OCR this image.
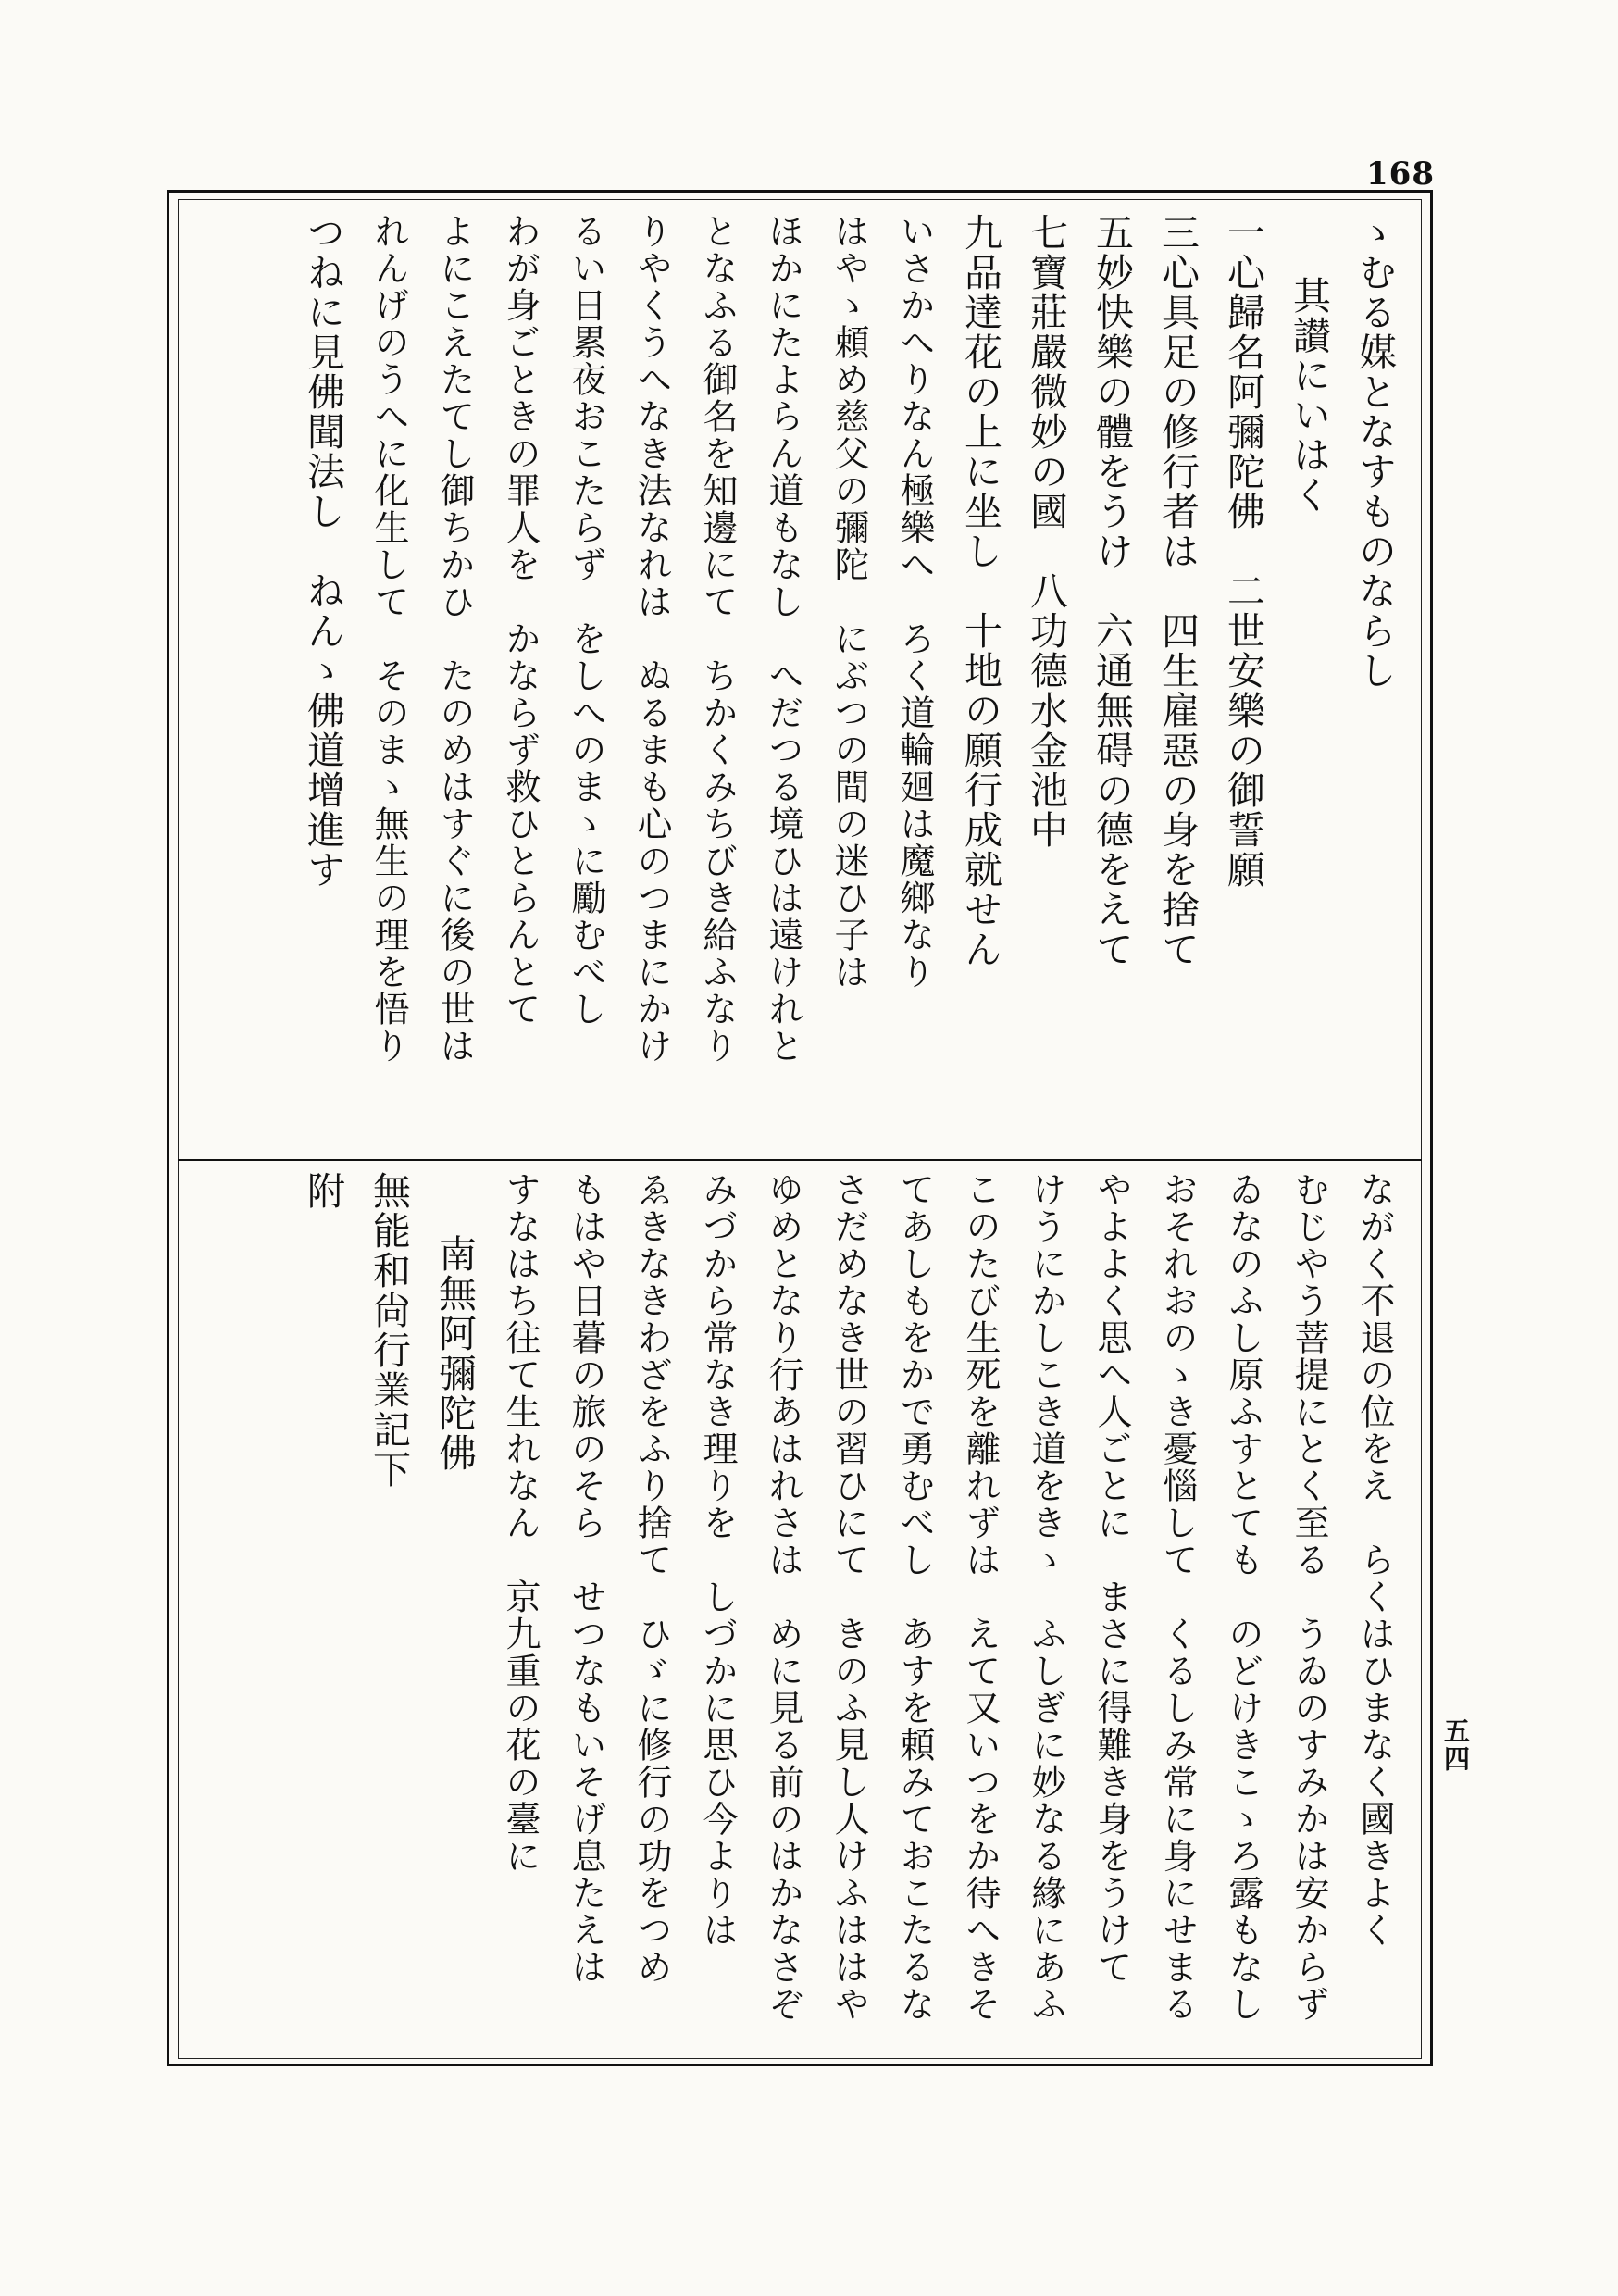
168
五四
ゝむる媒となすものならし
其讃にいはく
一心歸名阿彌陀佛　二世安樂の御誓願
三心具足の修行者は　四生雇惡の身を捨て
五妙快樂の體をうけ　六通無碍の德をえて
七寶莊嚴微妙の國　八功德水金池中
九品達花の上に坐し　十地の願行成就せん
いさかへりなん極樂へ　ろく道輪廻は魔鄉なり
はやゝ頼め慈父の彌陀　にぶつの間の迷ひ子は
ほかにたよらん道もなし　へだつる境ひは遠けれと
となふる御名を知邊にて　ちかくみちびき給ふなり
りやくうへなき法なれは　ぬるまも心のつまにかけ
るい日累夜おこたらず　をしへのまゝに勵むべし
わが身ごときの罪人を　かならず救ひとらんとて
よにこえたてし御ちかひ　たのめはすぐに後の世は
れんげのうへに化生して　そのまゝ無生の理を悟り
つねに見佛聞法し　ねんゝ佛道增進す
ながく不退の位をえ　らくはひまなく國きよく
むじやう菩提にとく至る　うゐのすみかは安からず
ゐなのふし原ふすとても　のどけきこゝろ露もなし
おそれおのゝき憂惱して　くるしみ常に身にせまる
やよよく思へ人ごとに　まさに得難き身をうけて
けうにかしこき道をきゝ　ふしぎに妙なる緣にあふ
このたび生死を離れずは　えて又いつをか待へきそ
てあしもをかで勇むべし　あすを頼みておこたるな
さだめなき世の習ひにて　きのふ見し人けふははや
ゆめとなり行あはれさは　めに見る前のはかなさぞ
みづから常なき理りを　しづかに思ひ今よりは
ゑきなきわざをふり捨て　ひゞに修行の功をつめ
もはや日暮の旅のそら　せつなもいそげ息たえは
すなはち往て生れなん　京九重の花の臺に
南無阿彌陀佛
無能和尙行業記下
附
